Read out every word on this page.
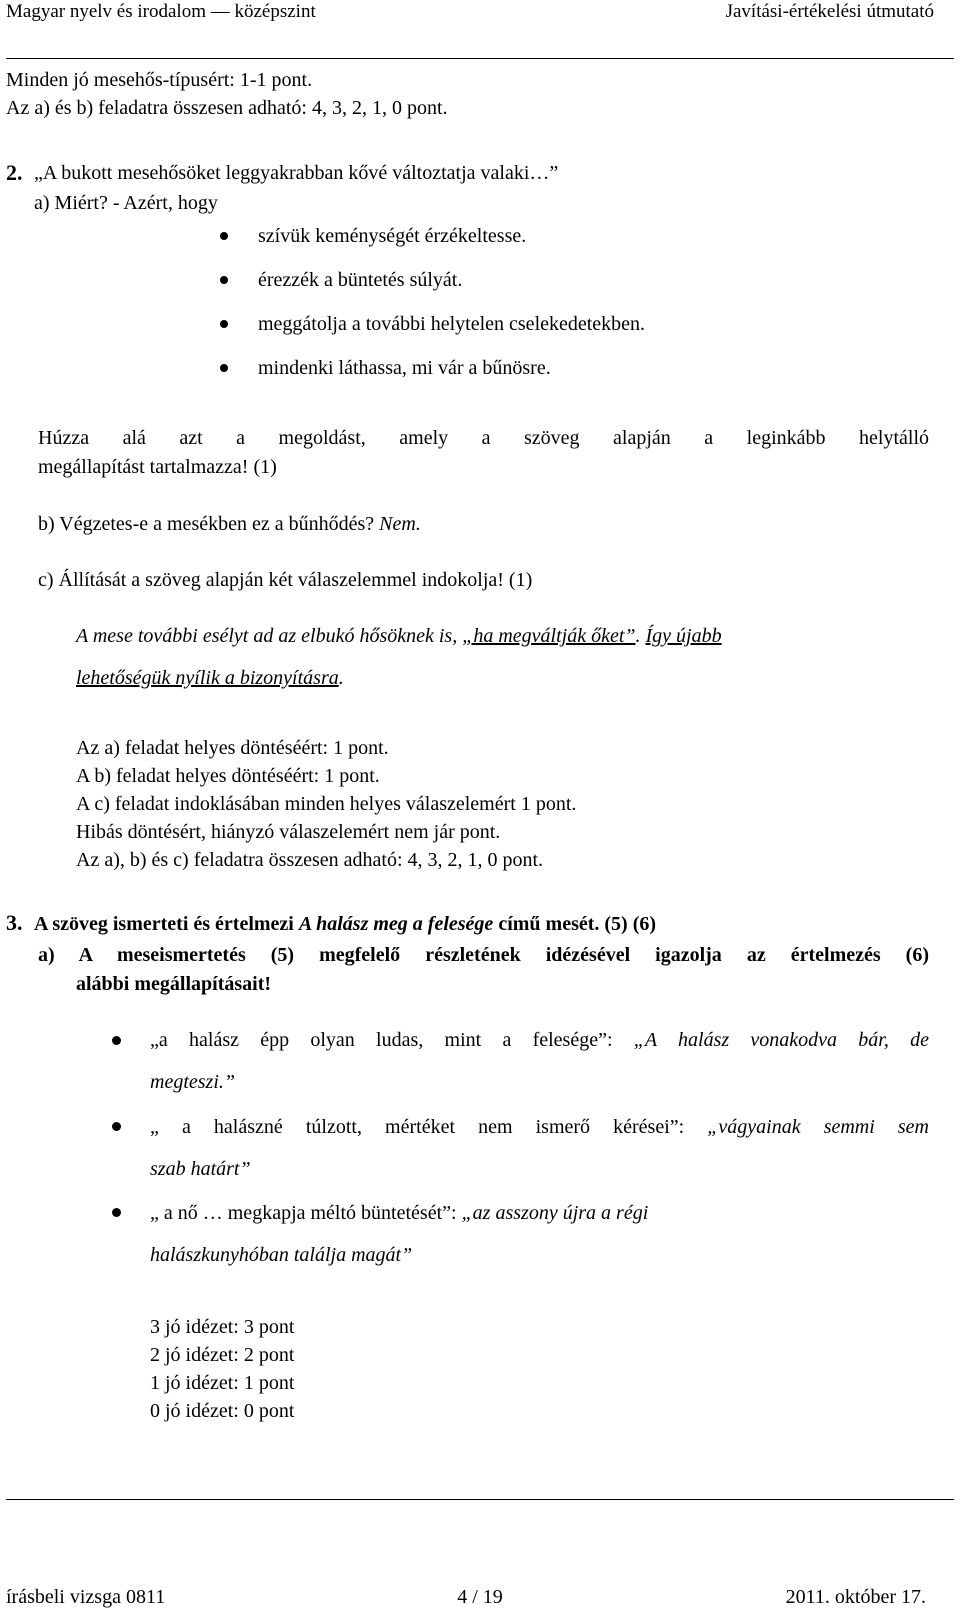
Magyar nyelv és irodalom — középszint	Javítási-értékelési útmutató
Minden jó mesehős-típusért: 1-1 pont.
Az a) és b) feladatra összesen adható: 4, 3, 2, 1, 0 pont.
2. „A bukott mesehősöket leggyakrabban kővé változtatja valaki…”
a) Miért? - Azért, hogy
szívük keménységét érzékeltesse.
érezzék a büntetés súlyát.
meggátolja a további helytelen cselekedetekben.
mindenki láthassa, mi vár a bűnösre.
Húzza alá azt a megoldást, amely a szöveg alapján a leginkább helytálló
megállapítást tartalmazza! (1)
b) Végzetes-e a mesékben ez a bűnhődés? Nem.
c) Állítását a szöveg alapján két válaszelemmel indokolja! (1)
A mese további esélyt ad az elbukó hősöknek is, „ha megváltják őket”. Így újabb
lehetőségük nyílik a bizonyításra.
Az a) feladat helyes döntéséért: 1 pont.
A b) feladat helyes döntéséért: 1 pont.
A c) feladat indoklásában minden helyes válaszelemért 1 pont.
Hibás döntésért, hiányzó válaszelemért nem jár pont.
Az a), b) és c) feladatra összesen adható: 4, 3, 2, 1, 0 pont.
3. A szöveg ismerteti és értelmezi A halász meg a felesége című mesét. (5) (6)
a) A meseismertetés (5) megfelelő részletének idézésével igazolja az értelmezés (6)
alábbi megállapításait!
„a halász épp olyan ludas, mint a felesége”: „A halász vonakodva bár, de
megteszi.”
„ a halászné túlzott, mértéket nem ismerő kérései”: „vágyainak semmi sem
szab határt”
„ a nő … megkapja méltó büntetését”: „az asszony újra a régi
halászkunyhóban találja magát”
3 jó idézet: 3 pont
2 jó idézet: 2 pont
1 jó idézet: 1 pont
0 jó idézet: 0 pont
írásbeli vizsga 0811	4 / 19	2011. október 17.
